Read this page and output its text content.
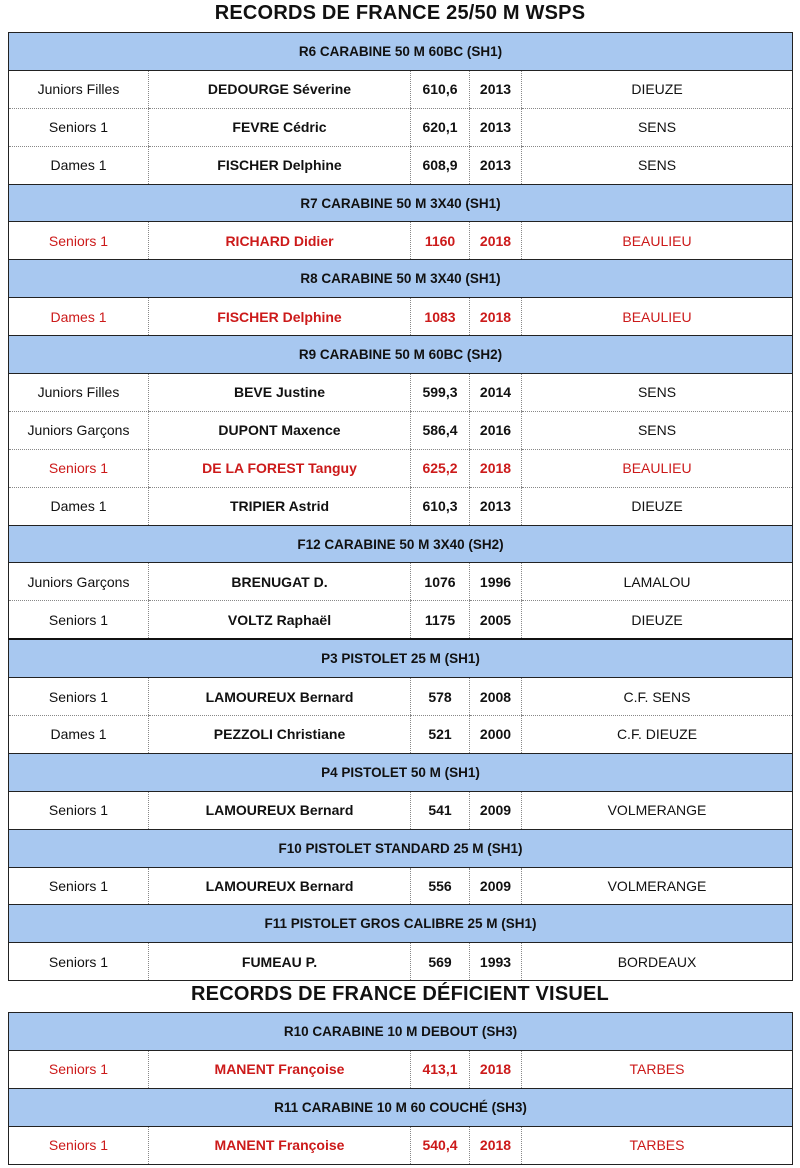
RECORDS DE FRANCE 25/50 M WSPS
R6 CARABINE 50 M 60BC (SH1)				
Juniors Filles	DEDOURGE Séverine	610,6	2013	DIEUZE
Seniors 1	FEVRE Cédric	620,1	2013	SENS
Dames 1	FISCHER Delphine	608,9	2013	SENS
R7 CARABINE 50 M 3X40 (SH1)				
Seniors 1	RICHARD Didier	1160	2018	BEAULIEU
R8 CARABINE 50 M 3X40 (SH1)				
Dames 1	FISCHER Delphine	1083	2018	BEAULIEU
R9 CARABINE 50 M 60BC (SH2)				
Juniors Filles	BEVE Justine	599,3	2014	SENS
Juniors Garçons	DUPONT Maxence	586,4	2016	SENS
Seniors 1	DE LA FOREST Tanguy	625,2	2018	BEAULIEU
Dames 1	TRIPIER Astrid	610,3	2013	DIEUZE
F12 CARABINE 50 M 3X40 (SH2)				
Juniors Garçons	BRENUGAT D.	1076	1996	LAMALOU
Seniors 1	VOLTZ Raphaël	1175	2005	DIEUZE
P3 PISTOLET 25 M (SH1)				
Seniors 1	LAMOUREUX Bernard	578	2008	C.F. SENS
Dames 1	PEZZOLI Christiane	521	2000	C.F. DIEUZE
P4 PISTOLET 50 M (SH1)				
Seniors 1	LAMOUREUX Bernard	541	2009	VOLMERANGE
F10 PISTOLET STANDARD 25 M (SH1)				
Seniors 1	LAMOUREUX Bernard	556	2009	VOLMERANGE
F11 PISTOLET GROS CALIBRE 25 M (SH1)				
Seniors 1	FUMEAU P.	569	1993	BORDEAUX
RECORDS DE FRANCE DÉFICIENT VISUEL
R10 CARABINE 10 M DEBOUT (SH3)				
Seniors 1	MANENT Françoise	413,1	2018	TARBES
R11 CARABINE 10 M 60 COUCHÉ (SH3)				
Seniors 1	MANENT Françoise	540,4	2018	TARBES
